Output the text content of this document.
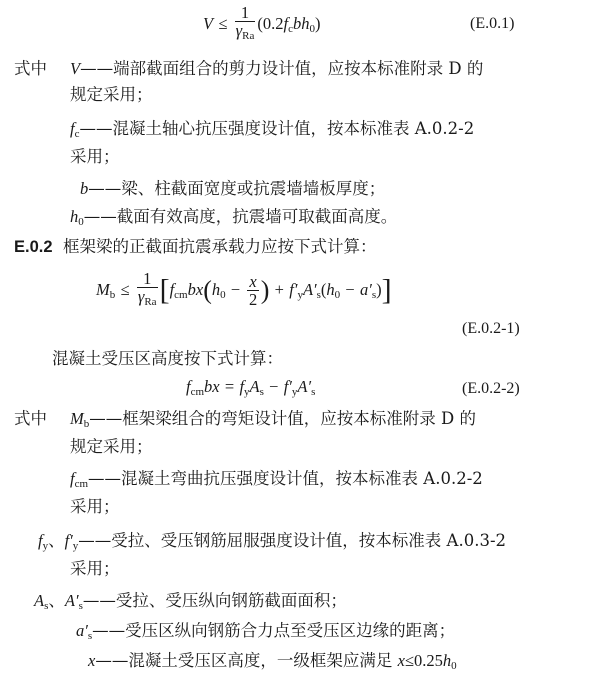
$V \le \frac{1}{\gamma_{Ra}} (0.2f_cbh_0)$	(E.0.1)
式中 V——端部截面组合的剪力设计值，应按本标准附录 D 的
规定采用；
$f_c——$混凝土轴心抗压强度设计值，按本标准表 A.0.2-2
采用；
b——梁、柱截面宽度或抗震墙墙板厚度；
$h_0——$截面有效高度，抗震墙可取截面高度。
E.0.2 框架梁的正截面抗震承载力应按下式计算：
$M_b \le \frac{1}{\gamma_{Ra}} [f_{cm}bx(h_0 - \frac{x}{2}$ ) + $f'_yA'_s(h_0 - a'_s)$]
(E.0.2-1)
混凝土受压区高度按下式计算：
$f_{cm}bx = f_yA_s - f'_yA'_s$	(E.0.2-2)
式中 $M_b——$框架梁组合的弯矩设计值，应按本标准附录 D 的
规定采用；
$f_{cm}——$混凝土弯曲抗压强度设计值，按本标准表 A.0.2-2
采用；
$f_y$、$f'_y——$受拉、受压钢筋屈服强度设计值，按本标准表 A.0.3-2
采用；
$A_s$、$A'_s——$受拉、受压纵向钢筋截面面积；
$a'_s——$受压区纵向钢筋合力点至受压区边缘的距离；
x——混凝土受压区高度，一级框架应满足 $x\le 0.25h_0$
